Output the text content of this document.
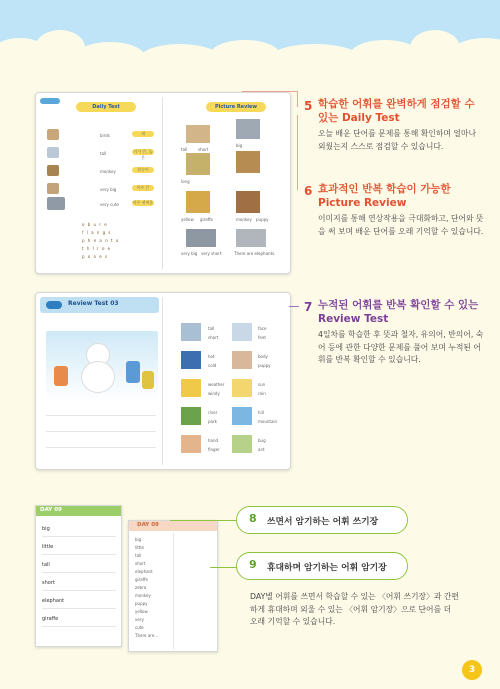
Daily Test
birds
tall
monkey
very big
very cute
새
키가 큰, 높은
원숭이
아주 큰
아주 귀여운
o b u r e
f l a n g s
p h e a n t o
t h l r o e
p o o e s
Picture Review
tall	short
big
long
yellow giraffe
very big very short
monkey puppy
There are elephants.
5 학습한 어휘를 완벽하게 점검할 수 있는 Daily Test
오늘 배운 단어를 문제를 통해 확인하며 얼마나 외웠는지 스스로 점검할 수 있습니다.
6 효과적인 반복 학습이 가능한 Picture Review
이미지를 통해 연상작용을 극대화하고, 단어와 뜻을 써 보며 배운 단어를 오래 기억할 수 있습니다.
Review Test 03
tall
short
hot
cold
weather
windy
river
park
hand
finger
face
feet
body
puppy
sun
rain
hill
mountain
bug
ant
7 누적된 어휘를 반복 확인할 수 있는 Review Test
4일차를 학습한 후 뜻과 철자, 유의어, 반의어, 숙어 등에 관한 다양한 문제를 풀어 보며 누적된 어휘를 반복 확인할 수 있습니다.
DAY 09
big
little
tall
short
elephant
giraffe
DAY 09
big
little
tall
short
elephant
giraffe
zebra
monkey
puppy
yellow
very
cute
There are...
8 쓰면서 암기하는 어휘 쓰기장
9 휴대하며 암기하는 어휘 암기장
DAY별 어휘를 쓰면서 학습할 수 있는 〈어휘 쓰기장〉과 간편하게 휴대하며 외울 수 있는 〈어휘 암기장〉으로 단어를 더 오래 기억할 수 있습니다.
3
